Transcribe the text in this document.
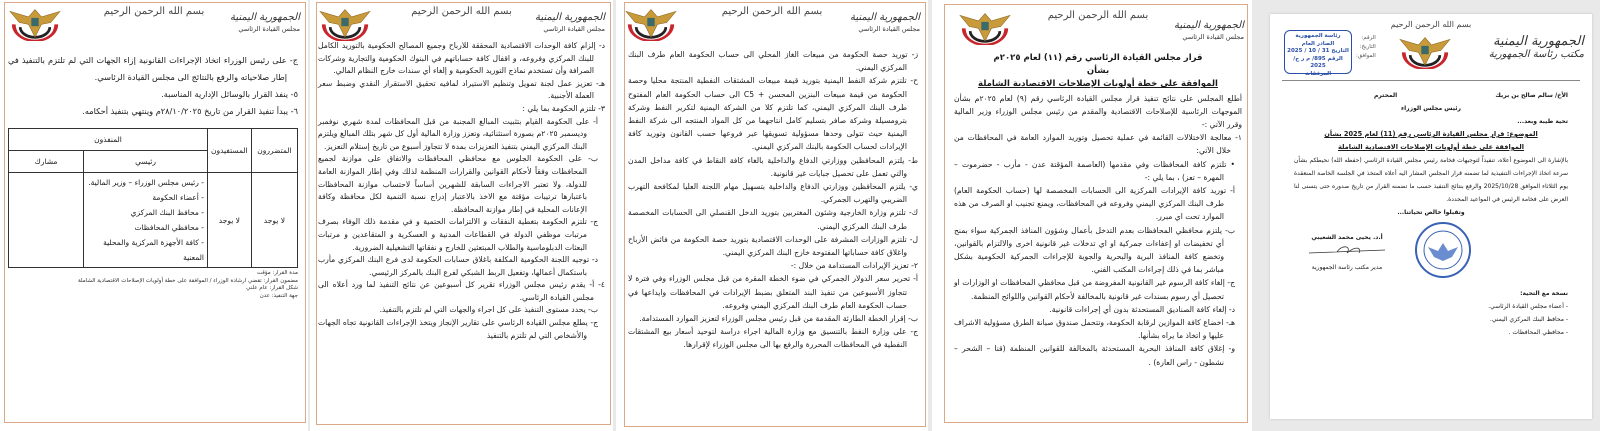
بسم الله الرحمن الرحيم
الجمهورية اليمنية
مجلس القيادة الرئاسي

ج- على رئيس الوزراء اتخاذ الإجراءات القانونية إزاء الجهات التي لم تلتزم بالتنفيذ في إطار صلاحياته والرفع بالنتائج الى مجلس القيادة الرئاسي.

٥- ينفذ القرار بالوسائل الإدارية المناسبة.

٦- يبدأ تنفيذ القرار من تاريخ ٢٨/١٠/٢٠٢٥م وينتهي بتنفيذ أحكامه.

المتضررون	المستفيدون	المنفذون	
		رئيسي	مشارك
لا يوجد	لا يوجد	- رئيس مجلس الوزراء – وزير المالية.
- أعضاء الحكومة
- محافظ البنك المركزي
- محافظي المحافظات
- كافة الأجهزة المركزية والمحلية المعنية	

مدة القرار: مؤقت
مضمون القرار: تقضي ارشادة الوزراء / الموافقة على خطة أولويات الإصلاحات الاقتصادية الشاملة
شكل القرار: عام علني
جهة التنفيذ: عدن
بسم الله الرحمن الرحيم
الجمهورية اليمنية
مجلس القيادة الرئاسي

د- إلزام كافة الوحدات الاقتصادية المحققة للارباح وجميع المصالح الحكومية بالتوريد الكامل للبنك المركزي وفروعه، و اقفال كافة حساباتهم في البنوك الحكومية والتجارية وشركات الصرافة وأن تستخدم نماذج التوريد الحكومية و إلغاء أي سندات خارج النظام المالي.

هـ- تعزيز عمل لجنة تمويل وتنظيم الاستيراد لمافيه تحقيق الاستقرار النقدي وضبط سعر العملة الأجنبية.

٣- تلتزم الحكومة بما يلي :

أ- على الحكومة القيام بتثبيت المبالغ المجنبة من قبل المحافظات لمدة شهري نوفمبر وديسمبر ٢٠٢٥م بصورة استثنائية، وتعزز وزارة المالية أول كل شهر بتلك المبالغ ويلتزم البنك المركزي اليمني بتنفيذ التعزيزات بمدة لا تتجاوز أسبوع من تاريخ إستلام التعزيز.

ب- على الحكومة الجلوس مع محافظي المحافظات والاتفاق على موازنة لجميع المحافظات وفقاً لأحكام القوانين والقرارات المنظمة لذلك وفي إطار الموازنة العامة للدولة، ولا تعتبر الاجراءات السابقة للشهرين أساساً لاحتساب موازنة المحافظات باعتبارها ترتيبات مؤقتة مع الاخذ بالاعتبار إدراج نسبة التنمية لكل محافظة وكافة الإعانات المحلية في إطار موازنة المحافظة.

ج- تلتزم الحكومة بتغطية النفقات و الالتزامات الحتمية و في مقدمة ذلك الوفاء بصرف مرتبات موظفي الدولة في القطاعات المدنية و العسكرية و المتقاعدين و مرتبات البعثات الدبلوماسية والطلاب المبتعثين للخارج و نفقاتها التشغيلية الضرورية.

د- توجيه اللجنة الحكومية المكلفة باغلاق حسابات الحكومة لدى فرع البنك المركزي مأرب باستكمال أعمالها، وتفعيل الربط الشبكي لفرع البنك بالمركز الرئيسي.

٤- أ- يقدم رئيس مجلس الوزراء تقرير كل أسبوعين عن نتائج التنفيذ لما ورد أعلاه الى مجلس القيادة الرئاسي.

ب- يحدد مستوى التنفيذ على كل اجراء والجهات التي لم تلتزم بالتنفيذ.

ج- يطلع مجلس القيادة الرئاسي على تقارير الإنجاز ويتخذ الإجراءات القانونية تجاه الجهات والأشخاص التي لم تلتزم بالتنفيذ

بسم الله الرحمن الرحيم
الجمهورية اليمنية
مجلس القيادة الرئاسي

ز- توريد حصة الحكومة من مبيعات الغاز المحلي الى حساب الحكومة العام طرف البنك المركزي اليمني.

ح- تلتزم شركة النفط اليمنية بتوريد قيمة مبيعات المشتقات النفطية المنتجة محليا وحصة الحكومة من قيمة مبيعات البنزين المحسن + C5 الى حساب الحكومة العام المفتوح طرف البنك المركزي اليمني، كما تلتزم كلا من الشركة اليمنية لتكرير النفط وشركة بترومسيلة وشركة صافر بتسليم كامل انتاجهما من كل المواد المنتجه الى شركة النفط اليمنية حيث تتولى وحدها مسؤولية تسويقها عبر فروعها حسب القانون وتوريد كافة الإيرادات لحساب الحكومة بالبنك المركزي اليمني.

ط- يلتزم المحافظين ووزارتي الدفاع والداخلية بالغاء كافة النقاط في كافة مداخل المدن والتي تعمل على تحصيل جبايات غير قانونية.

ي- يلتزم المحافظين ووزارتي الدفاع والداخلية بتسهيل مهام اللجنة العليا لمكافحة التهرب الضريبي والتهرب الجمركي.

ك- تلتزم وزارة الخارجية وشئون المغتربين بتوريد الدخل القنصلي الى الحسابات المخصصة طرف البنك المركزي اليمني.

ل- تلتزم الوزارات المشرفة على الوحدات الاقتصادية بتوريد حصة الحكومة من فائض الأرباح واغلاق كافة حساباتها المفتوحة خارج البنك المركزي اليمني.

٢- تعزيز الإيرادات المستدامة من خلال :-

أ- تحرير سعر الدولار الجمركي في ضوء الخطة المقرة من قبل مجلس الوزراء وفي فترة لا تتجاوز الأسبوعين من تنفيذ البند المتعلق بضبط الإيرادات في المحافظات وايداعها في حساب الحكومة العام طرف البنك المركزي اليمني وفروعه.

ب- إقرار الخطة الطارئة المقدمة من قبل رئيس مجلس الوزراء لتعزيز الموارد المستدامة.

ج- على وزارة النفط بالتنسيق مع وزارة المالية اجراء دراسة لتوحيد أسعار بيع المشتقات النفطية في المحافظات المحررة والرفع بها الى مجلس الوزراء لإقرارها.

بسم الله الرحمن الرحيم
الجمهورية اليمنية
مجلس القيادة الرئاسي

قرار مجلس القيادة الرئاسي رقم (١١) لعام ٢٠٢٥م

بشأن

الموافقة على خطة أولويات الإصلاحات الاقتصادية الشاملة

أطلع المجلس على نتائج تنفيذ قرار مجلس القيادة الرئاسي رقم (٩) لعام ٢٠٢٥م بشأن الموجهات الرئاسية للإصلاحات الاقتصادية والمقدم من رئيس مجلس الوزراء وزير المالية وقرر الآتي :-

١- معالجة الاختلالات القائمة في عملية تحصيل وتوريد الموارد العامة في المحافظات من خلال الآتي:

• تلتزم كافة المحافظات وفي مقدمها (العاصمة المؤقتة عدن - مأرب - حضرموت – المهرة – تعز) ، بما يلي :-

أ- توريد كافة الإيرادات المركزية الى الحسابات المخصصة لها (حساب الحكومة العام) طرف البنك المركزي اليمني وفروعه في المحافظات، ويمنع تجنيب او الصرف من هذه الموارد تحت اي مبرر.

ب- يلتزم محافظي المحافظات بعدم التدخل بأعمال وشؤون المنافذ الجمركية سواء بمنح أي تخفيضات او إعفاءات جمركية او اي تدخلات غير قانونية اخرى والالتزام بالقوانين، وتخضع كافة المنافذ البرية والبحرية والجوية للإجراءات الجمركية الحكومية بشكل مباشر بما في ذلك إجراءات المكتب الفني.

ج- إلغاء كافة الرسوم غير القانونية المفروضة من قبل محافظي المحافظات او الوزارات او تحصيل أي رسوم بسندات غير قانونية بالمخالفة لأحكام القوانين واللوائح المنظمة.

د- إلغاء كافة الصناديق المستحدثة بدون أي إجراءات قانونية.

هـ- اخضاع كافة الموازين لرقابة الحكومة، وتتحمل صندوق صيانة الطرق مسؤولية الاشراف عليها و اتخاذ ما يراه بشأنها.

و- إغلاق كافة المنافذ البحرية المستحدثة بالمخالفة للقوانين المنظمة (قنا – الشحر – نشطون - راس العارة) .

رئاسة الجمهورية
الصادر العام
التاريخ 31 / 10 / 2025
الرقم 895/ م ر ج/ 2025
المرفقات
الرقم:
التاريخ:
الموافق:
بسم الله الرحمن الرحيم
الجمهورية اليمنية
مكتب رئاسة الجمهورية
الأخ/ سالم صالح بن بريك
المحترم

رئيس مجلس الوزراء

تحية طيبة وبعد...

الموضوع: قرار مجلس القيادة الرئاسي رقم (11) لعام 2025 بشأن الموافقة على خطة أولويات الإصلاحات الاقتصادية الشاملة

بالإشارة الى الموضوع أعلاه، تنفيذاً لتوجيهات فخامة رئيس مجلس القيادة الرئاسي (حفظه الله) نحيطكم بشأن سرعة اتخاذ الإجراءات التنفيذية لما تضمنه قرار المجلس المشار اليه أعلاه المتخذ في الجلسة الخاصة المنعقدة يوم الثلاثاء الموافق 2025/10/28 والرفع بنتائج التنفيذ حسب ما تضمنه القرار من تاريخ صدوره حتى يتسنى لنا العرض على فخامة الرئيس في المواعيد المحددة.

وتقبلوا خالص تحياتنا...

أ.د. يحيى محمد الشعيبي
مدير مكتب رئاسة الجمهورية

نسخة مع التحية:

- أعضاء مجلس القيادة الرئاسي.

- محافظ البنك المركزي اليمني.

- محافظي المحافظات .
